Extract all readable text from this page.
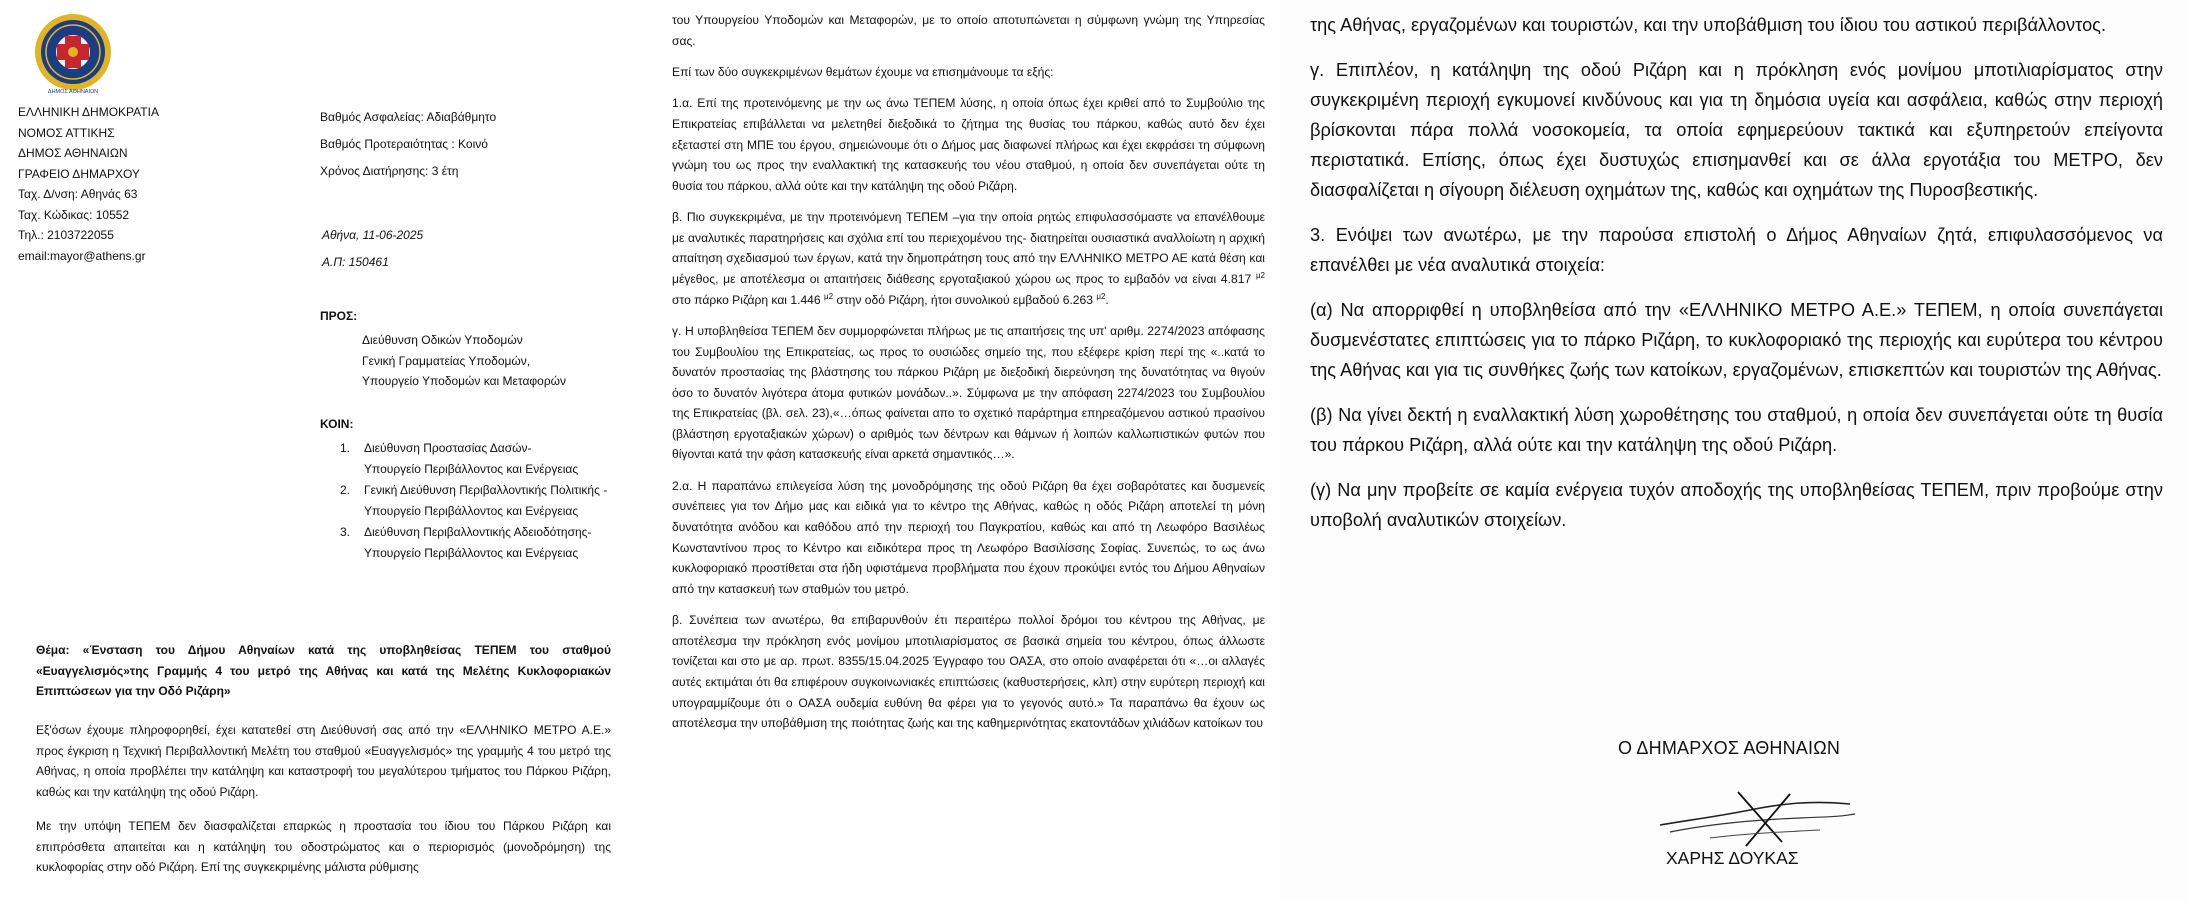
ΔΗΜΟΣ ΑΘΗΝΑΙΩΝ
ΕΛΛΗΝΙΚΗ ΔΗΜΟΚΡΑΤΙΑ
ΝΟΜΟΣ ΑΤΤΙΚΗΣ
ΔΗΜΟΣ ΑΘΗΝΑΙΩΝ
ΓΡΑΦΕΙΟ ΔΗΜΑΡΧΟΥ
Ταχ. Δ/νση: Αθηνάς 63
Ταχ. Κώδικας: 10552
Τηλ.: 2103722055
email:mayor@athens.gr
Βαθμός Ασφαλείας: Αδιαβάθμητο
Βαθμός Προτεραιότητας : Κοινό
Χρόνος Διατήρησης: 3 έτη
Αθήνα, 11-06-2025
Α.Π: 150461
ΠΡΟΣ:
Διεύθυνση Οδικών Υποδομών
Γενική Γραμματείας Υποδομών,
Υπουργείο Υποδομών και Μεταφορών
ΚΟΙΝ:
1. Διεύθυνση Προστασίας Δασών-
Υπουργείο Περιβάλλοντος και Ενέργειας
2. Γενική Διεύθυνση Περιβαλλοντικής Πολιτικής -
Υπουργείο Περιβάλλοντος και Ενέργειας
3. Διεύθυνση Περιβαλλοντικής Αδειοδότησης-
Υπουργείο Περιβάλλοντος και Ενέργειας
Θέμα: «Ένσταση του Δήμου Αθηναίων κατά της υποβληθείσας ΤΕΠΕΜ του σταθμού «Ευαγγελισμός»της Γραμμής 4 του μετρό της Αθήνας και κατά της Μελέτης Κυκλοφοριακών Επιπτώσεων για την Οδό Ριζάρη»
Εξ'όσων έχουμε πληροφορηθεί, έχει κατατεθεί στη Διεύθυνσή σας από την «ΕΛΛΗΝΙΚΟ ΜΕΤΡΟ Α.Ε.» προς έγκριση η Τεχνική Περιβαλλοντική Μελέτη του σταθμού «Ευαγγελισμός» της γραμμής 4 του μετρό της Αθήνας, η οποία προβλέπει την κατάληψη και καταστροφή του μεγαλύτερου τμήματος του Πάρκου Ριζάρη, καθώς και την κατάληψη της οδού Ριζάρη.
Με την υπόψη ΤΕΠΕΜ δεν διασφαλίζεται επαρκώς η προστασία του ίδιου του Πάρκου Ριζάρη και επιπρόσθετα απαιτείται και η κατάληψη του οδοστρώματος και ο περιορισμός (μονοδρόμηση) της κυκλοφορίας στην οδό Ριζάρη. Επί της συγκεκριμένης μάλιστα ρύθμισης

του Υπουργείου Υποδομών και Μεταφορών, με το οποίο αποτυπώνεται η σύμφωνη γνώμη της Υπηρεσίας σας.

Επί των δύο συγκεκριμένων θεμάτων έχουμε να επισημάνουμε τα εξής:

1.α. Επί της προτεινόμενης με την ως άνω ΤΕΠΕΜ λύσης, η οποία όπως έχει κριθεί από το Συμβούλιο της Επικρατείας επιβάλλεται να μελετηθεί διεξοδικά το ζήτημα της θυσίας του πάρκου, καθώς αυτό δεν έχει εξεταστεί στη ΜΠΕ του έργου, σημειώνουμε ότι ο Δήμος μας διαφωνεί πλήρως και έχει εκφράσει τη σύμφωνη γνώμη του ως προς την εναλλακτική της κατασκευής του νέου σταθμού, η οποία δεν συνεπάγεται ούτε τη θυσία του πάρκου, αλλά ούτε και την κατάληψη της οδού Ριζάρη.

β. Πιο συγκεκριμένα, με την προτεινόμενη ΤΕΠΕΜ –για την οποία ρητώς επιφυλασσόμαστε να επανέλθουμε με αναλυτικές παρατηρήσεις και σχόλια επί του περιεχομένου της- διατηρείται ουσιαστικά αναλλοίωτη η αρχική απαίτηση σχεδιασμού των έργων, κατά την δημοπράτηση τους από την ΕΛΛΗΝΙΚΟ ΜΕΤΡΟ ΑΕ κατά θέση και μέγεθος, με αποτέλεσμα οι απαιτήσεις διάθεσης εργοταξιακού χώρου ως προς το εμβαδόν να είναι 4.817 $^{\mu 2}$ στο πάρκο Ριζάρη και 1.446 $^{\mu 2}$ στην οδό Ριζάρη, ήτοι συνολικού εμβαδού 6.263 $^{\mu 2}$.

γ. Η υποβληθείσα ΤΕΠΕΜ δεν συμμορφώνεται πλήρως με τις απαιτήσεις της υπ' αριθμ. 2274/2023 απόφασης του Συμβουλίου της Επικρατείας, ως προς το ουσιώδες σημείο της, που εξέφερε κρίση περί της «..κατά το δυνατόν προστασίας της βλάστησης του πάρκου Ριζάρη με διεξοδική διερεύνηση της δυνατότητας να θιγούν όσο το δυνατόν λιγότερα άτομα φυτικών μονάδων..». Σύμφωνα με την απόφαση 2274/2023 του Συμβουλίου της Επικρατείας (βλ. σελ. 23),«…όπως φαίνεται απο το σχετικό παράρτημα επηρεαζόμενου αστικού πρασίνου (βλάστηση εργοταξιακών χώρων) ο αριθμός των δέντρων και θάμνων ή λοιπών καλλωπιστικών φυτών που θίγονται κατά την φάση κατασκευής είναι αρκετά σημαντικός…».

2.α. Η παραπάνω επιλεγείσα λύση της μονοδρόμησης της οδού Ριζάρη θα έχει σοβαρότατες και δυσμενείς συνέπειες για τον Δήμο μας και ειδικά για το κέντρο της Αθήνας, καθώς η οδός Ριζάρη αποτελεί τη μόνη δυνατότητα ανόδου και καθόδου από την περιοχή του Παγκρατίου, καθώς και από τη Λεωφόρο Βασιλέως Κωνσταντίνου προς το Κέντρο και ειδικότερα προς τη Λεωφόρο Βασιλίσσης Σοφίας. Συνεπώς, το ως άνω κυκλοφοριακό προστίθεται στα ήδη υφιστάμενα προβλήματα που έχουν προκύψει εντός του Δήμου Αθηναίων από την κατασκευή των σταθμών του μετρό.

β. Συνέπεια των ανωτέρω, θα επιβαρυνθούν έτι περαιτέρω πολλοί δρόμοι του κέντρου της Αθήνας, με αποτέλεσμα την πρόκληση ενός μονίμου μποτιλιαρίσματος σε βασικά σημεία του κέντρου, όπως άλλωστε τονίζεται και στο με αρ. πρωτ. 8355/15.04.2025 Έγγραφο του ΟΑΣΑ, στο οποίο αναφέρεται ότι «…οι αλλαγές αυτές εκτιμάται ότι θα επιφέρουν συγκοινωνιακές επιπτώσεις (καθυστερήσεις, κλπ) στην ευρύτερη περιοχή και υπογραμμίζουμε ότι ο ΟΑΣΑ ουδεμία ευθύνη θα φέρει για το γεγονός αυτό.» Τα παραπάνω θα έχουν ως αποτέλεσμα την υποβάθμιση της ποιότητας ζωής και της καθημερινότητας εκατοντάδων χιλιάδων κατοίκων του

της Αθήνας, εργαζομένων και τουριστών, και την υποβάθμιση του ίδιου του αστικού περιβάλλοντος.

γ. Επιπλέον, η κατάληψη της οδού Ριζάρη και η πρόκληση ενός μονίμου μποτιλιαρίσματος στην συγκεκριμένη περιοχή εγκυμονεί κινδύνους και για τη δημόσια υγεία και ασφάλεια, καθώς στην περιοχή βρίσκονται πάρα πολλά νοσοκομεία, τα οποία εφημερεύουν τακτικά και εξυπηρετούν επείγοντα περιστατικά. Επίσης, όπως έχει δυστυχώς επισημανθεί και σε άλλα εργοτάξια του ΜΕΤΡΟ, δεν διασφαλίζεται η σίγουρη διέλευση οχημάτων της, καθώς και οχημάτων της Πυροσβεστικής.

3. Ενόψει των ανωτέρω, με την παρούσα επιστολή ο Δήμος Αθηναίων ζητά, επιφυλασσόμενος να επανέλθει με νέα αναλυτικά στοιχεία:

(α) Να απορριφθεί η υποβληθείσα από την «ΕΛΛΗΝΙΚΟ ΜΕΤΡΟ Α.Ε.» ΤΕΠΕΜ, η οποία συνεπάγεται δυσμενέστατες επιπτώσεις για το πάρκο Ριζάρη, το κυκλοφοριακό της περιοχής και ευρύτερα του κέντρου της Αθήνας και για τις συνθήκες ζωής των κατοίκων, εργαζομένων, επισκεπτών και τουριστών της Αθήνας.

(β) Να γίνει δεκτή η εναλλακτική λύση χωροθέτησης του σταθμού, η οποία δεν συνεπάγεται ούτε τη θυσία του πάρκου Ριζάρη, αλλά ούτε και την κατάληψη της οδού Ριζάρη.

(γ) Να μην προβείτε σε καμία ενέργεια τυχόν αποδοχής της υποβληθείσας ΤΕΠΕΜ, πριν προβούμε στην υποβολή αναλυτικών στοιχείων.

Ο ΔΗΜΑΡΧΟΣ ΑΘΗΝΑΙΩΝ
ΧΑΡΗΣ ΔΟΥΚΑΣ
